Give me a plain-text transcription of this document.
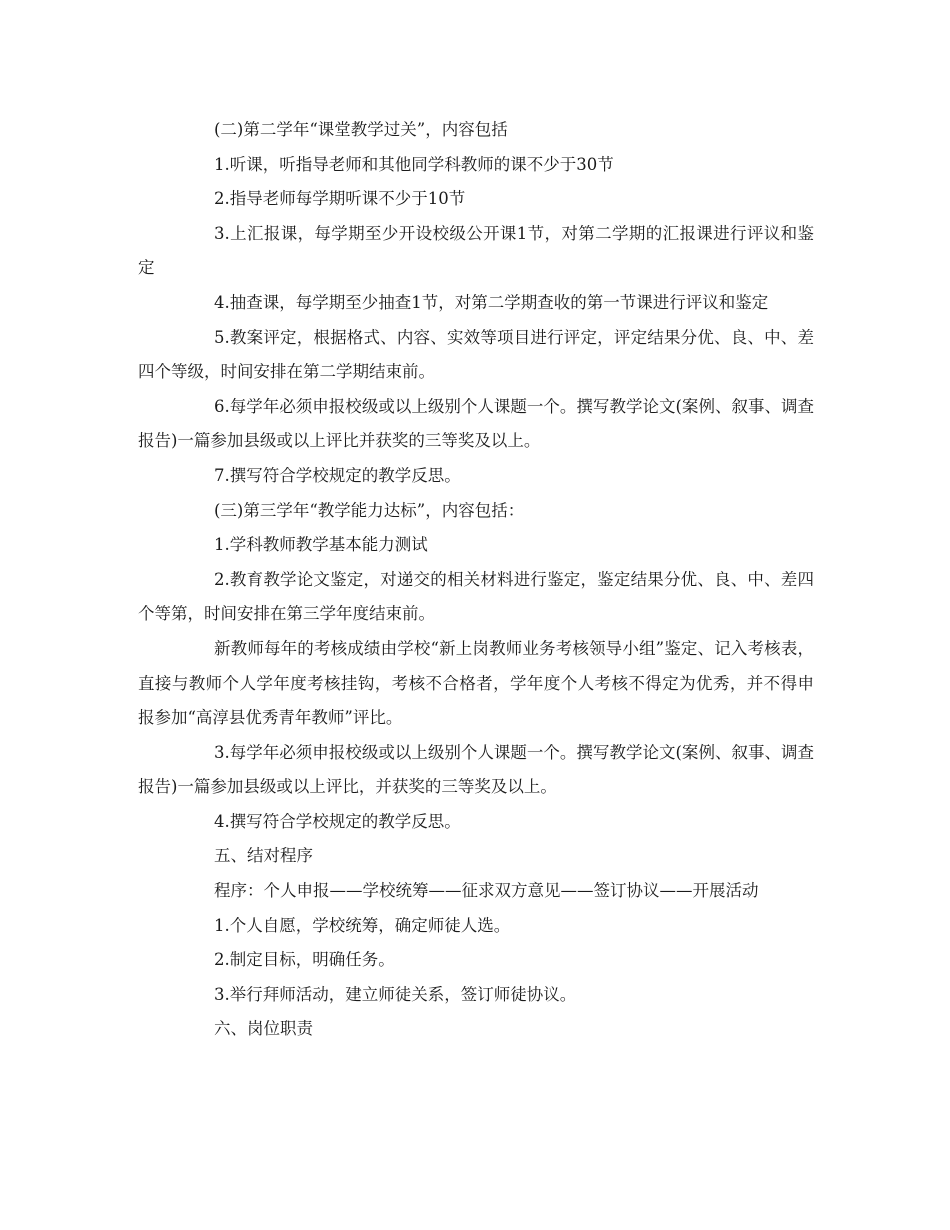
(二)第二学年“课堂教学过关”，内容包括

1.听课，听指导老师和其他同学科教师的课不少于30节

2.指导老师每学期听课不少于10节

3.上汇报课，每学期至少开设校级公开课1节，对第二学期的汇报课进行评议和鉴定

4.抽查课，每学期至少抽查1节，对第二学期查收的第一节课进行评议和鉴定

5.教案评定，根据格式、内容、实效等项目进行评定，评定结果分优、良、中、差四个等级，时间安排在第二学期结束前。

6.每学年必须申报校级或以上级别个人课题一个。撰写教学论文(案例、叙事、调查报告)一篇参加县级或以上评比并获奖的三等奖及以上。

7.撰写符合学校规定的教学反思。

(三)第三学年“教学能力达标”，内容包括：

1.学科教师教学基本能力测试

2.教育教学论文鉴定，对递交的相关材料进行鉴定，鉴定结果分优、良、中、差四个等第，时间安排在第三学年度结束前。

新教师每年的考核成绩由学校“新上岗教师业务考核领导小组”鉴定、记入考核表，直接与教师个人学年度考核挂钩，考核不合格者，学年度个人考核不得定为优秀，并不得申报参加“高淳县优秀青年教师”评比。

3.每学年必须申报校级或以上级别个人课题一个。撰写教学论文(案例、叙事、调查报告)一篇参加县级或以上评比，并获奖的三等奖及以上。

4.撰写符合学校规定的教学反思。

五、结对程序

程序：个人申报——学校统筹——征求双方意见——签订协议——开展活动

1.个人自愿，学校统筹，确定师徒人选。

2.制定目标，明确任务。

3.举行拜师活动，建立师徒关系，签订师徒协议。

六、岗位职责
